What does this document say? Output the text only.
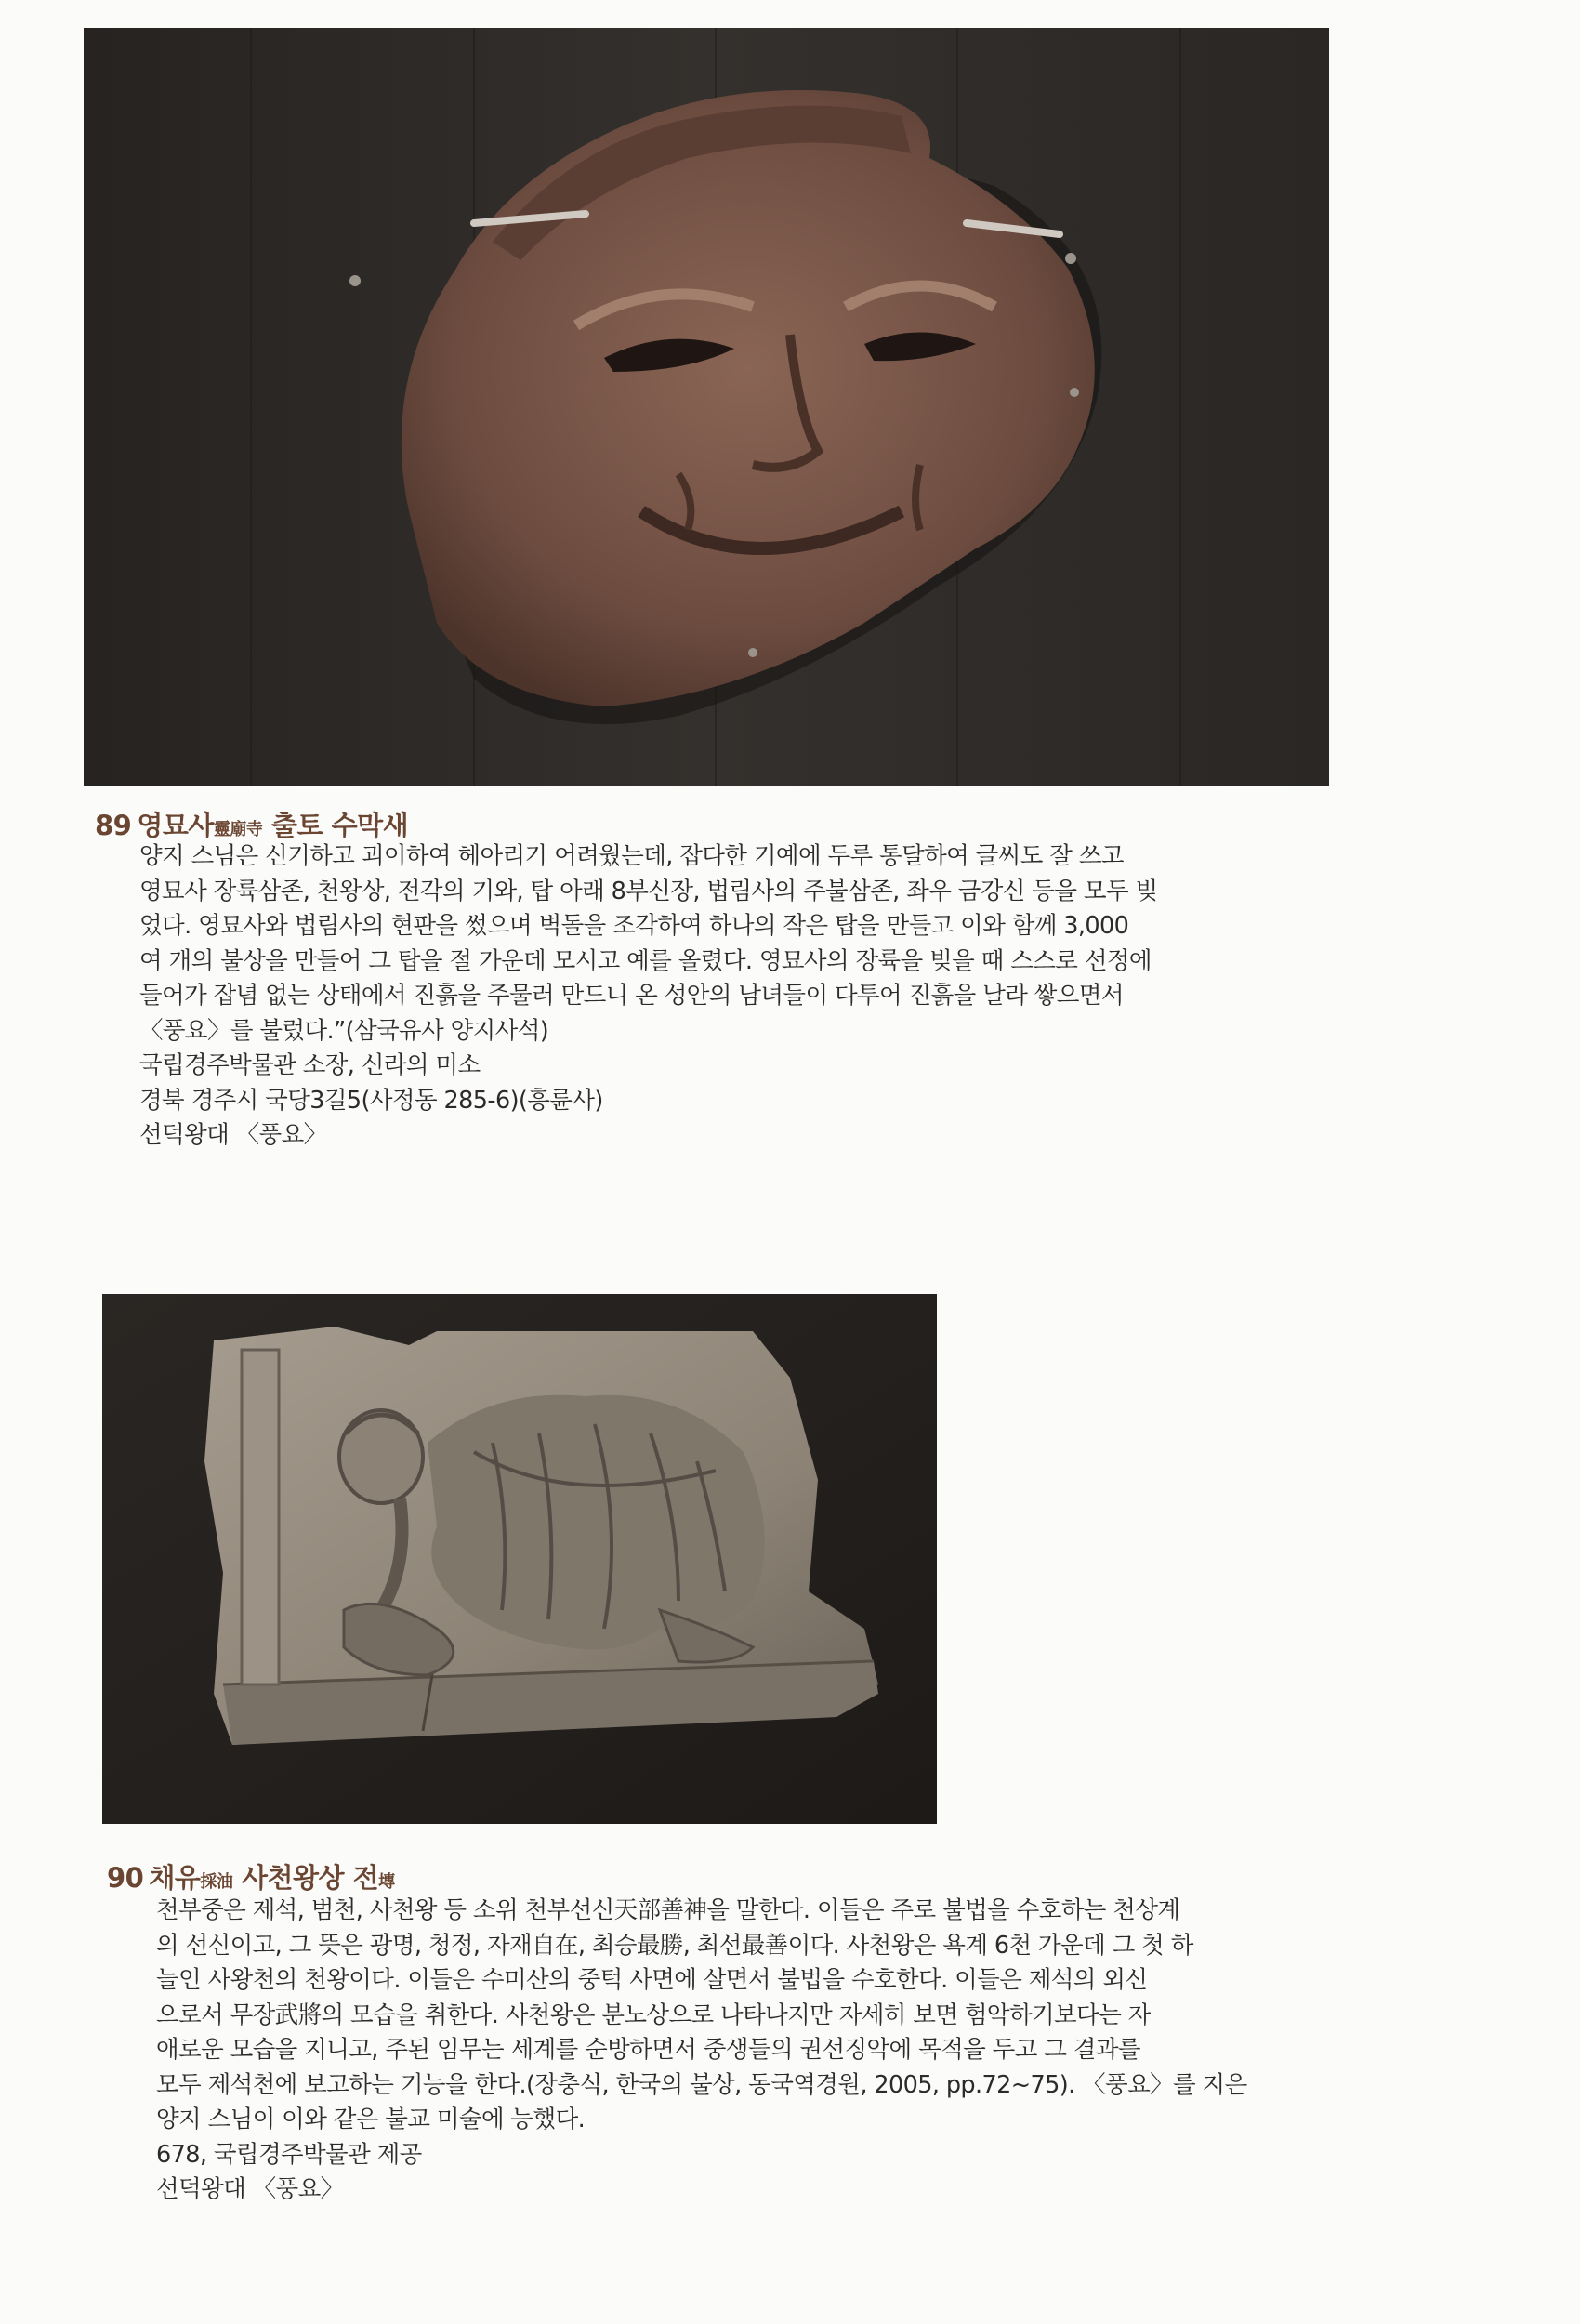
89 영묘사靈廟寺 출토 수막새
양지 스님은 신기하고 괴이하여 헤아리기 어려웠는데, 잡다한 기예에 두루 통달하여 글씨도 잘 쓰고
영묘사 장륙삼존, 천왕상, 전각의 기와, 탑 아래 8부신장, 법림사의 주불삼존, 좌우 금강신 등을 모두 빚
었다. 영묘사와 법림사의 현판을 썼으며 벽돌을 조각하여 하나의 작은 탑을 만들고 이와 함께 3,000
여 개의 불상을 만들어 그 탑을 절 가운데 모시고 예를 올렸다. 영묘사의 장륙을 빚을 때 스스로 선정에
들어가 잡념 없는 상태에서 진흙을 주물러 만드니 온 성안의 남녀들이 다투어 진흙을 날라 쌓으면서
〈풍요〉를 불렀다.”(삼국유사 양지사석)
국립경주박물관 소장, 신라의 미소
경북 경주시 국당3길5(사정동 285-6)(흥륜사)
선덕왕대 〈풍요〉
90 채유採油 사천왕상 전塼
천부중은 제석, 범천, 사천왕 등 소위 천부선신天部善神을 말한다. 이들은 주로 불법을 수호하는 천상계
의 선신이고, 그 뜻은 광명, 청정, 자재自在, 최승最勝, 최선最善이다. 사천왕은 욕계 6천 가운데 그 첫 하
늘인 사왕천의 천왕이다. 이들은 수미산의 중턱 사면에 살면서 불법을 수호한다. 이들은 제석의 외신
으로서 무장武將의 모습을 취한다. 사천왕은 분노상으로 나타나지만 자세히 보면 험악하기보다는 자
애로운 모습을 지니고, 주된 임무는 세계를 순방하면서 중생들의 권선징악에 목적을 두고 그 결과를
모두 제석천에 보고하는 기능을 한다.(장충식, 한국의 불상, 동국역경원, 2005, pp.72~75). 〈풍요〉를 지은
양지 스님이 이와 같은 불교 미술에 능했다.
678, 국립경주박물관 제공
선덕왕대 〈풍요〉
